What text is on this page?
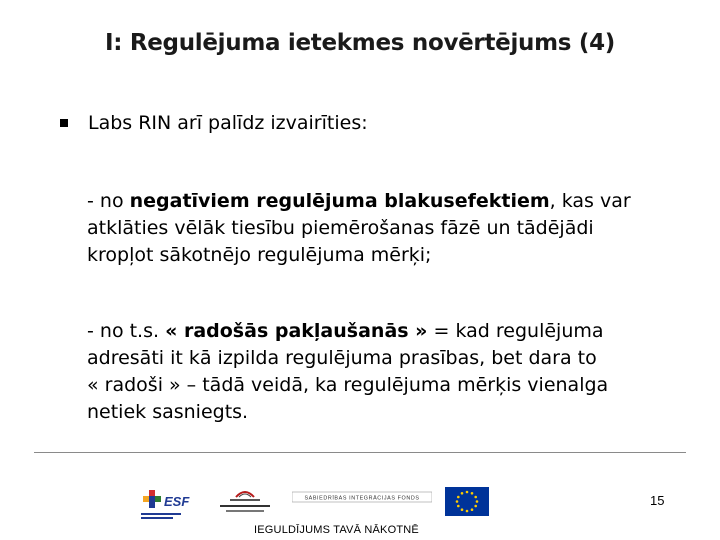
I: Regulējuma ietekmes novērtējums (4)
Labs RIN arī palīdz izvairīties:
- no negatīviem regulējuma blakusefektiem, kas var
atklāties vēlāk tiesību piemērošanas fāzē un tādējādi
kropļot sākotnējo regulējuma mērķi;
- no t.s. « radošās pakļaušanās » = kad regulējuma
adresāti it kā izpilda regulējuma prasības, bet dara to
« radoši » – tādā veidā, ka regulējuma mērķis vienalga
netiek sasniegts.
ESF	SABIEDRĪBAS INTEGRĀCIJAS FONDS	15
IEGULDĪJUMS TAVĀ NĀKOTNĒ
